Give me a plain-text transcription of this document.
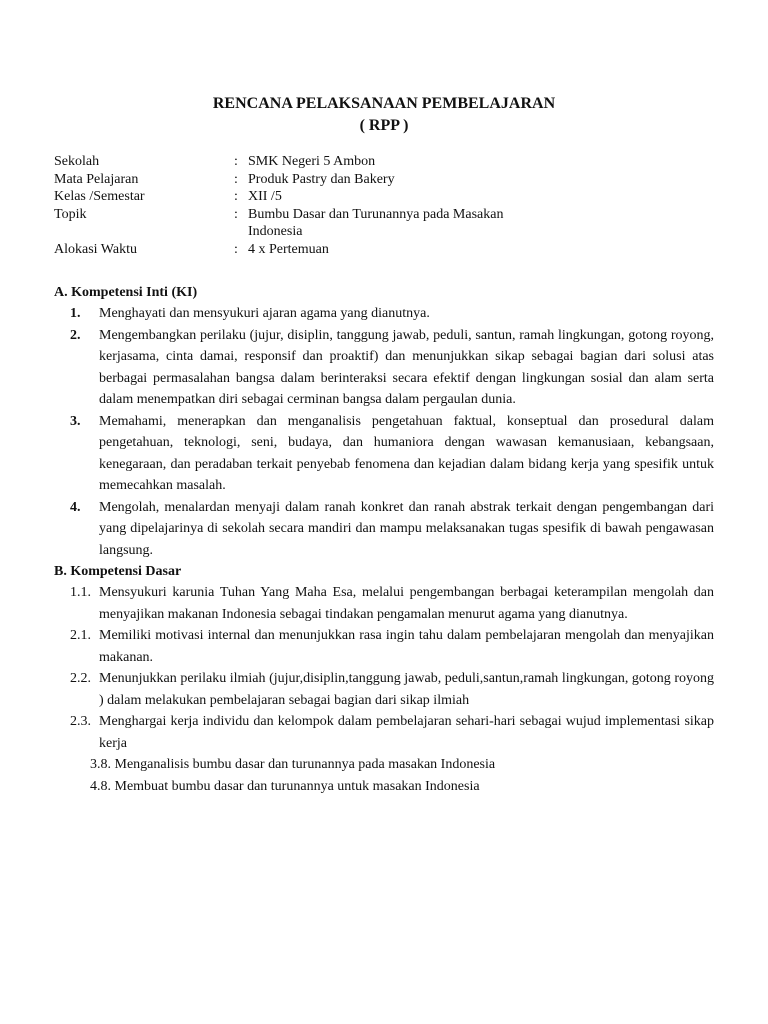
RENCANA PELAKSANAAN PEMBELAJARAN
( RPP )
Sekolah	: SMK Negeri 5 Ambon
Mata Pelajaran	: Produk Pastry dan Bakery
Kelas /Semestar	: XII /5
Topik	: Bumbu Dasar dan Turunannya pada Masakan Indonesia
Alokasi Waktu	: 4 x Pertemuan
A. Kompetensi Inti (KI)
1. Menghayati dan mensyukuri ajaran agama yang dianutnya.
2. Mengembangkan perilaku (jujur, disiplin, tanggung jawab, peduli, santun, ramah lingkungan, gotong royong, kerjasama, cinta damai, responsif dan proaktif) dan menunjukkan sikap sebagai bagian dari solusi atas berbagai permasalahan bangsa dalam berinteraksi secara efektif dengan lingkungan sosial dan alam serta dalam menempatkan diri sebagai cerminan bangsa dalam pergaulan dunia.
3. Memahami, menerapkan dan menganalisis pengetahuan faktual, konseptual dan prosedural dalam pengetahuan, teknologi, seni, budaya, dan humaniora dengan wawasan kemanusiaan, kebangsaan, kenegaraan, dan peradaban terkait penyebab fenomena dan kejadian dalam bidang kerja yang spesifik untuk memecahkan masalah.
4. Mengolah, menalardan menyaji dalam ranah konkret dan ranah abstrak terkait dengan pengembangan dari yang dipelajarinya di sekolah secara mandiri dan mampu melaksanakan tugas spesifik di bawah pengawasan langsung.
B. Kompetensi Dasar
1.1. Mensyukuri karunia Tuhan Yang Maha Esa, melalui pengembangan berbagai keterampilan mengolah dan menyajikan makanan Indonesia sebagai tindakan pengamalan menurut agama yang dianutnya.
2.1. Memiliki motivasi internal dan menunjukkan rasa ingin tahu dalam pembelajaran mengolah dan menyajikan makanan.
2.2. Menunjukkan perilaku ilmiah (jujur,disiplin,tanggung jawab, peduli,santun,ramah lingkungan, gotong royong ) dalam melakukan pembelajaran sebagai bagian dari sikap ilmiah
2.3. Menghargai kerja individu dan kelompok dalam pembelajaran sehari-hari sebagai wujud implementasi sikap kerja
3.8. Menganalisis bumbu dasar dan turunannya pada masakan Indonesia
4.8. Membuat bumbu dasar dan turunannya untuk masakan Indonesia
